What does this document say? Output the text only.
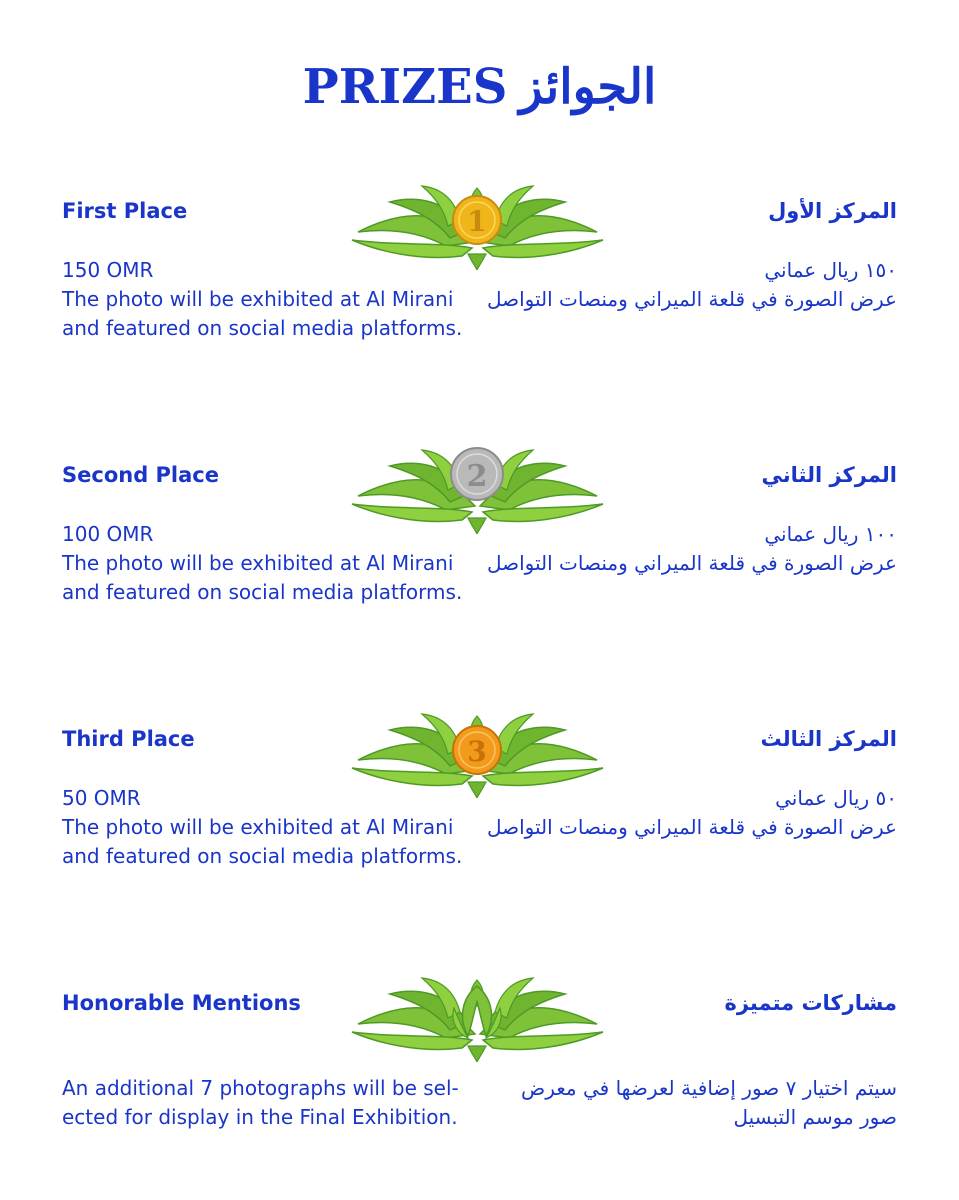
PRIZES الجوائز
First Place
150 OMR
The photo will be exhibited at Al Mirani
and featured on social media platforms.
1	المركز الأول
١٥٠ ريال عماني
عرض الصورة في قلعة الميراني ومنصات التواصل
Second Place
100 OMR
The photo will be exhibited at Al Mirani
and featured on social media platforms.
2	المركز الثاني
١٠٠ ريال عماني
عرض الصورة في قلعة الميراني ومنصات التواصل
Third Place
50 OMR
The photo will be exhibited at Al Mirani
and featured on social media platforms.
3	المركز الثالث
٥٠ ريال عماني
عرض الصورة في قلعة الميراني ومنصات التواصل
Honorable Mentions
An additional 7 photographs will be sel-
ected for display in the Final Exhibition.
مشاركات متميزة
سيتم اختيار ٧ صور إضافية لعرضها في معرض
صور موسم التبسيل
